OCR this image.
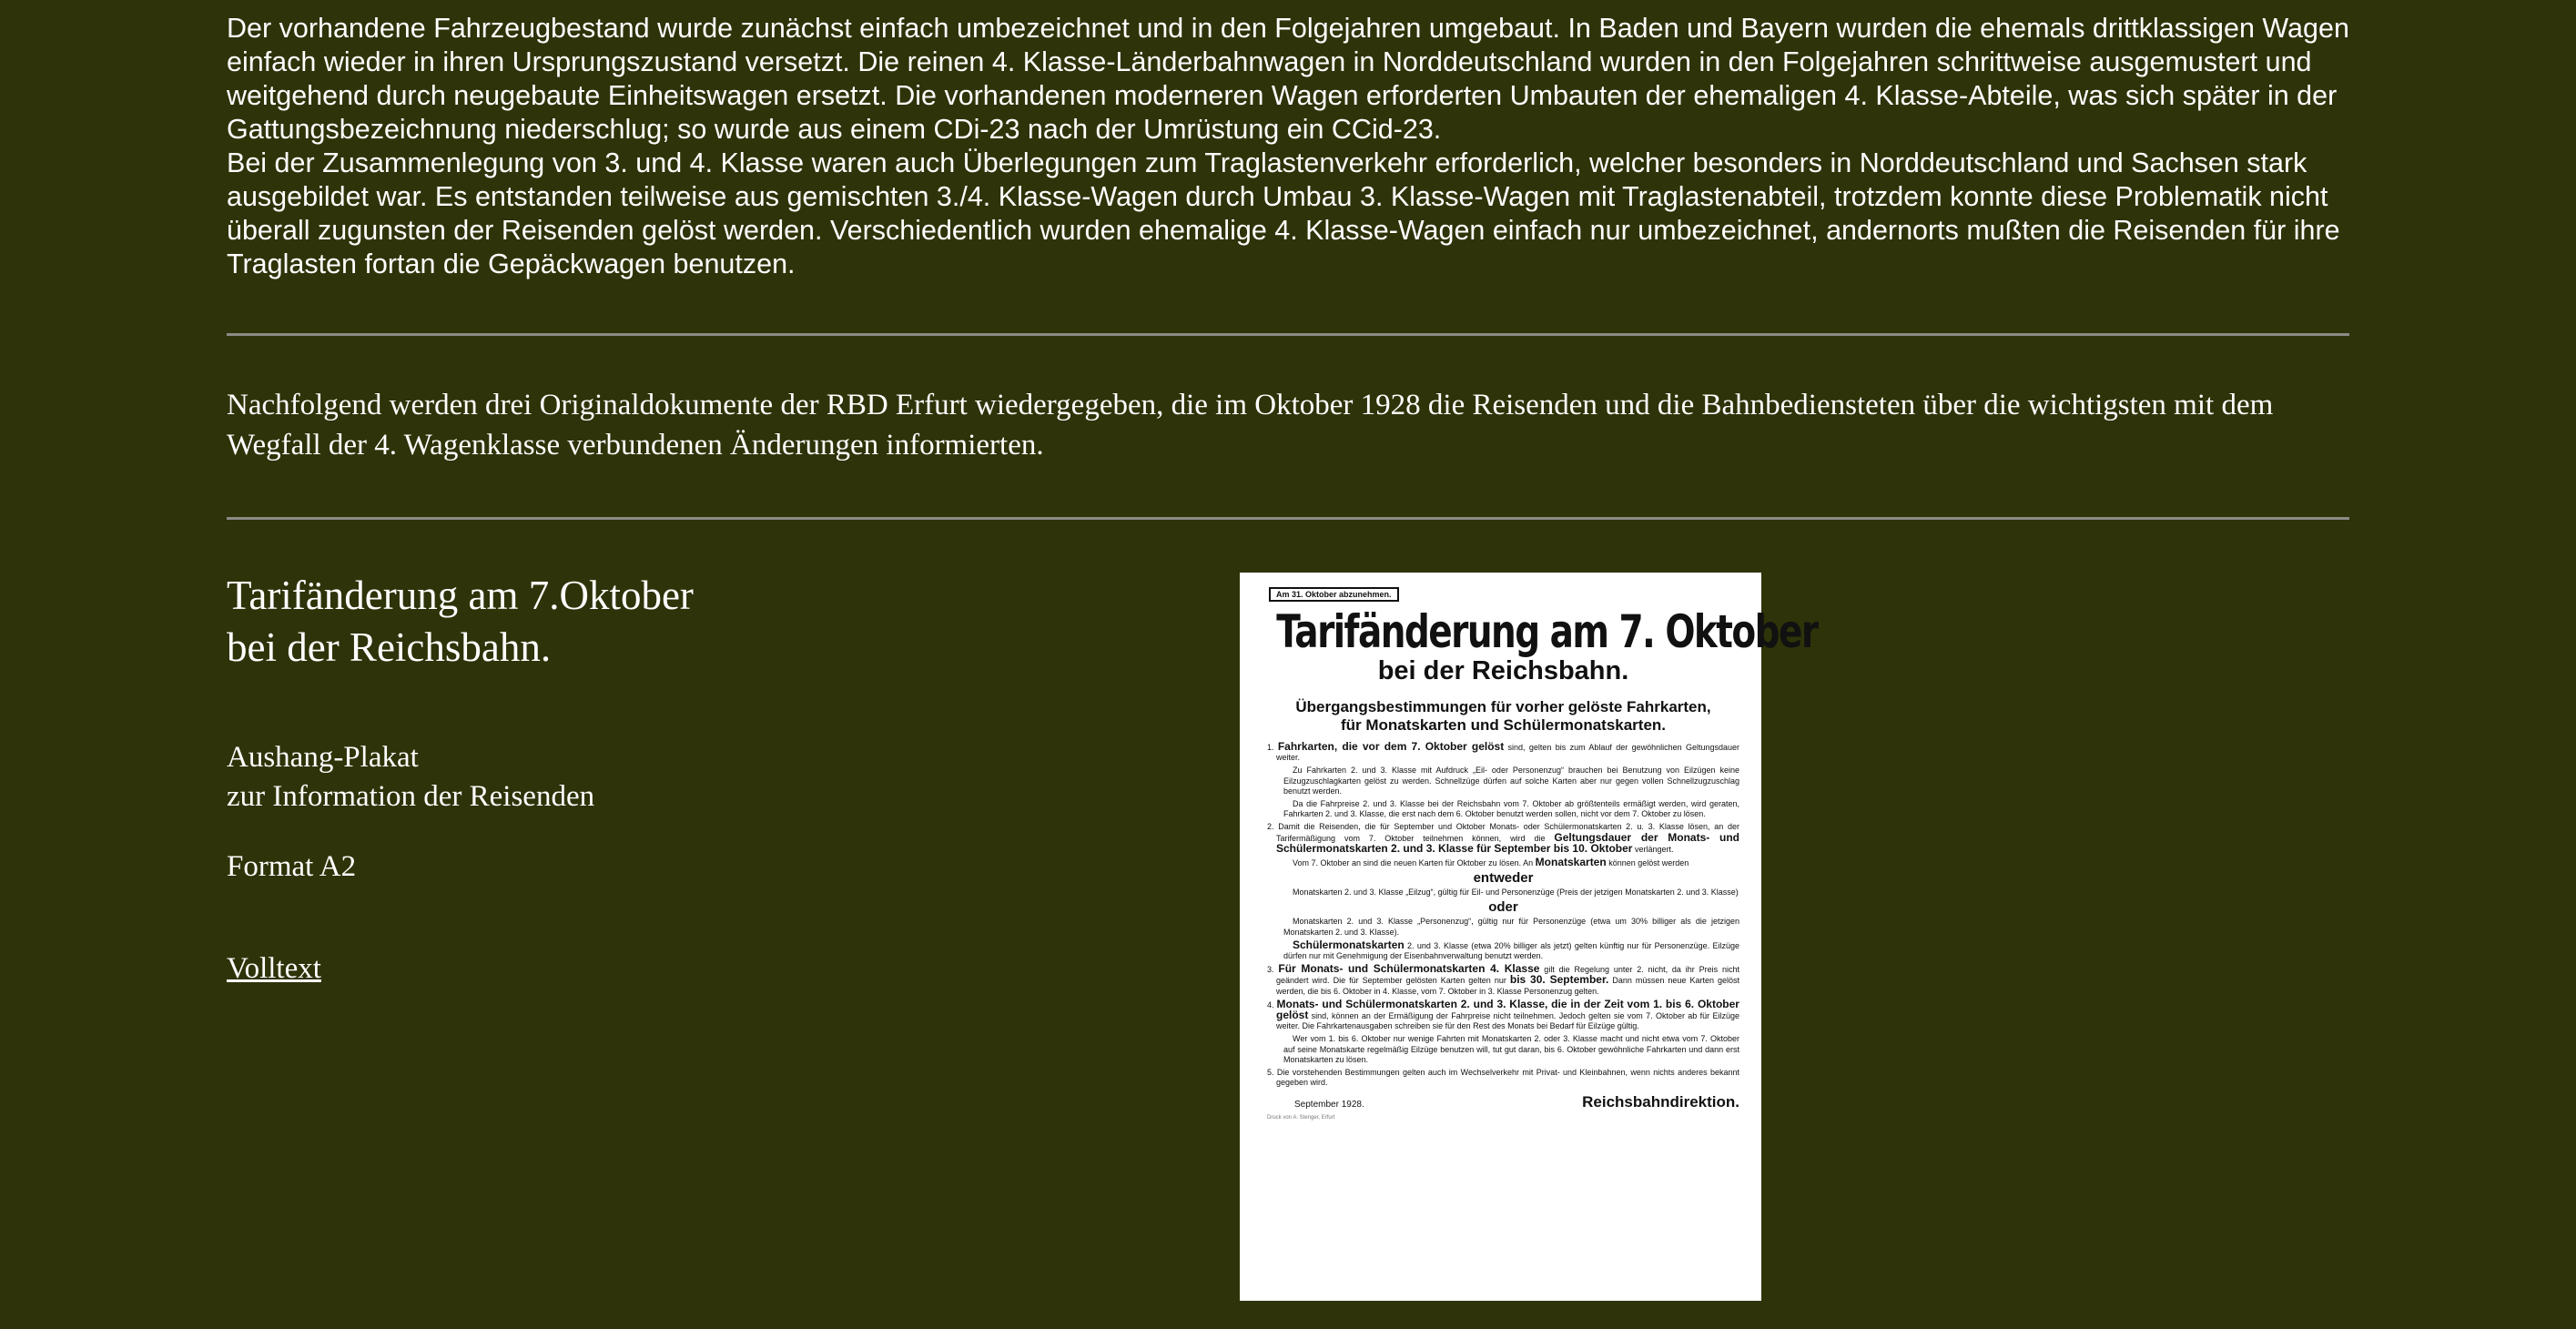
Der vorhandene Fahrzeugbestand wurde zunächst einfach umbezeichnet und in den Folgejahren umgebaut. In Baden und Bayern wurden die ehemals drittklassigen Wagen einfach wieder in ihren Ursprungszustand versetzt. Die reinen 4. Klasse-Länderbahnwagen in Norddeutschland wurden in den Folgejahren schrittweise ausgemustert und weitgehend durch neugebaute Einheitswagen ersetzt. Die vorhandenen moderneren Wagen erforderten Umbauten der ehemaligen 4. Klasse-Abteile, was sich später in der Gattungsbezeichnung niederschlug; so wurde aus einem CDi-23 nach der Umrüstung ein CCid-23.

Bei der Zusammenlegung von 3. und 4. Klasse waren auch Überlegungen zum Traglastenverkehr erforderlich, welcher besonders in Norddeutschland und Sachsen stark ausgebildet war. Es entstanden teilweise aus gemischten 3./4. Klasse-Wagen durch Umbau 3. Klasse-Wagen mit Traglastenabteil, trotzdem konnte diese Problematik nicht überall zugunsten der Reisenden gelöst werden. Verschiedentlich wurden ehemalige 4. Klasse-Wagen einfach nur umbezeichnet, andernorts mußten die Reisenden für ihre Traglasten fortan die Gepäckwagen benutzen.

Nachfolgend werden drei Originaldokumente der RBD Erfurt wiedergegeben, die im Oktober 1928 die Reisenden und die Bahnbediensteten über die wichtigsten mit dem Wegfall der 4. Wagenklasse verbundenen Änderungen informierten.

Tarifänderung am 7.Oktober
bei der Reichsbahn.

Aushang-Plakat
zur Information der Reisenden

Format A2

Volltext
Am 31. Oktober abzunehmen.
Tarifänderung am 7. Oktober
bei der Reichsbahn.
Übergangsbestimmungen für vorher gelöste Fahrkarten,
für Monatskarten und Schülermonatskarten.

1. Fahrkarten, die vor dem 7. Oktober gelöst sind, gelten bis zum Ablauf der gewöhnlichen Geltungsdauer weiter.

Zu Fahrkarten 2. und 3. Klasse mit Aufdruck „Eil- oder Personenzug“ brauchen bei Benutzung von Eilzügen keine Eilzugzuschlagkarten gelöst zu werden. Schnellzüge dürfen auf solche Karten aber nur gegen vollen Schnellzugzuschlag benutzt werden.

Da die Fahrpreise 2. und 3. Klasse bei der Reichsbahn vom 7. Oktober ab größtenteils ermäßigt werden, wird geraten, Fahrkarten 2. und 3. Klasse, die erst nach dem 6. Oktober benutzt werden sollen, nicht vor dem 7. Oktober zu lösen.

2. Damit die Reisenden, die für September und Oktober Monats- oder Schülermonatskarten 2. u. 3. Klasse lösen, an der Tarifermäßigung vom 7. Oktober teilnehmen können, wird die Geltungsdauer der Monats- und Schülermonatskarten 2. und 3. Klasse für September bis 10. Oktober verlängert.

Vom 7. Oktober an sind die neuen Karten für Oktober zu lösen. An Monatskarten können gelöst werden

entweder

Monatskarten 2. und 3. Klasse „Eilzug“, gültig für Eil- und Personenzüge (Preis der jetzigen Monatskarten 2. und 3. Klasse)

oder

Monatskarten 2. und 3. Klasse „Personenzug“, gültig nur für Personenzüge (etwa um 30% billiger als die jetzigen Monatskarten 2. und 3. Klasse).

Schülermonatskarten 2. und 3. Klasse (etwa 20% billiger als jetzt) gelten künftig nur für Personenzüge. Eilzüge dürfen nur mit Genehmigung der Eisenbahnverwaltung benutzt werden.

3. Für Monats- und Schülermonatskarten 4. Klasse gilt die Regelung unter 2. nicht, da ihr Preis nicht geändert wird. Die für September gelösten Karten gelten nur bis 30. September. Dann müssen neue Karten gelöst werden, die bis 6. Oktober in 4. Klasse, vom 7. Oktober in 3. Klasse Personenzug gelten.

4. Monats- und Schülermonatskarten 2. und 3. Klasse, die in der Zeit vom 1. bis 6. Oktober gelöst sind, können an der Ermäßigung der Fahrpreise nicht teilnehmen. Jedoch gelten sie vom 7. Oktober ab für Eilzüge weiter. Die Fahrkartenausgaben schreiben sie für den Rest des Monats bei Bedarf für Eilzüge gültig.

Wer vom 1. bis 6. Oktober nur wenige Fahrten mit Monatskarten 2. oder 3. Klasse macht und nicht etwa vom 7. Oktober auf seine Monatskarte regelmäßig Eilzüge benutzen will, tut gut daran, bis 6. Oktober gewöhnliche Fahrkarten und dann erst Monatskarten zu lösen.

5. Die vorstehenden Bestimmungen gelten auch im Wechselverkehr mit Privat- und Kleinbahnen, wenn nichts anderes bekannt gegeben wird.

September 1928.	Reichsbahndirektion.
Druck von A. Stenger, Erfurt
